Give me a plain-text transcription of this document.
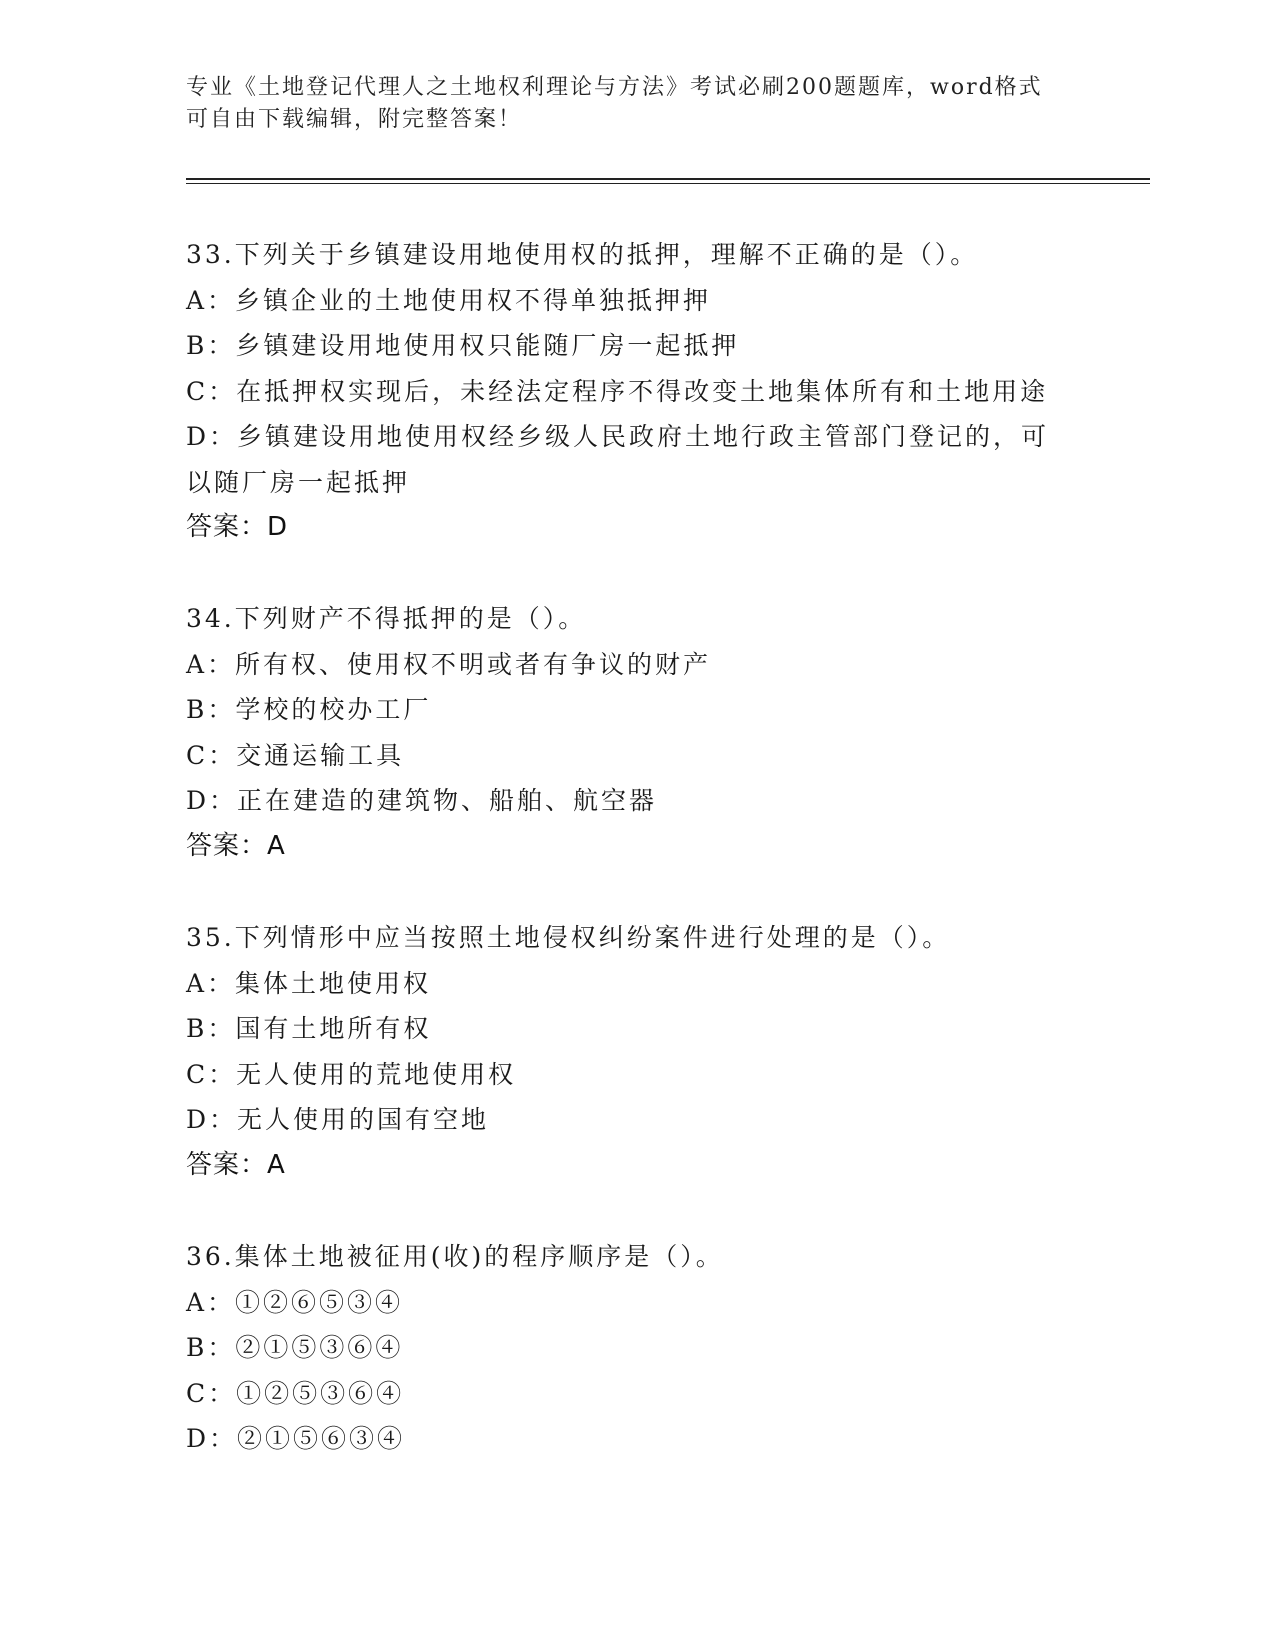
专业《土地登记代理人之土地权利理论与方法》考试必刷200题题库，word格式
可自由下载编辑，附完整答案！
33.下列关于乡镇建设用地使用权的抵押，理解不正确的是（）。
A：乡镇企业的土地使用权不得单独抵押押
B：乡镇建设用地使用权只能随厂房一起抵押
C：在抵押权实现后，未经法定程序不得改变土地集体所有和土地用途
D：乡镇建设用地使用权经乡级人民政府土地行政主管部门登记的，可以随厂房一起抵押
答案：D
34.下列财产不得抵押的是（）。
A：所有权、使用权不明或者有争议的财产
B：学校的校办工厂
C：交通运输工具
D：正在建造的建筑物、船舶、航空器
答案：A
35.下列情形中应当按照土地侵权纠纷案件进行处理的是（）。
A：集体土地使用权
B：国有土地所有权
C：无人使用的荒地使用权
D：无人使用的国有空地
答案：A
36.集体土地被征用(收)的程序顺序是（）。
A：①②⑥⑤③④
B：②①⑤③⑥④
C：①②⑤③⑥④
D：②①⑤⑥③④
